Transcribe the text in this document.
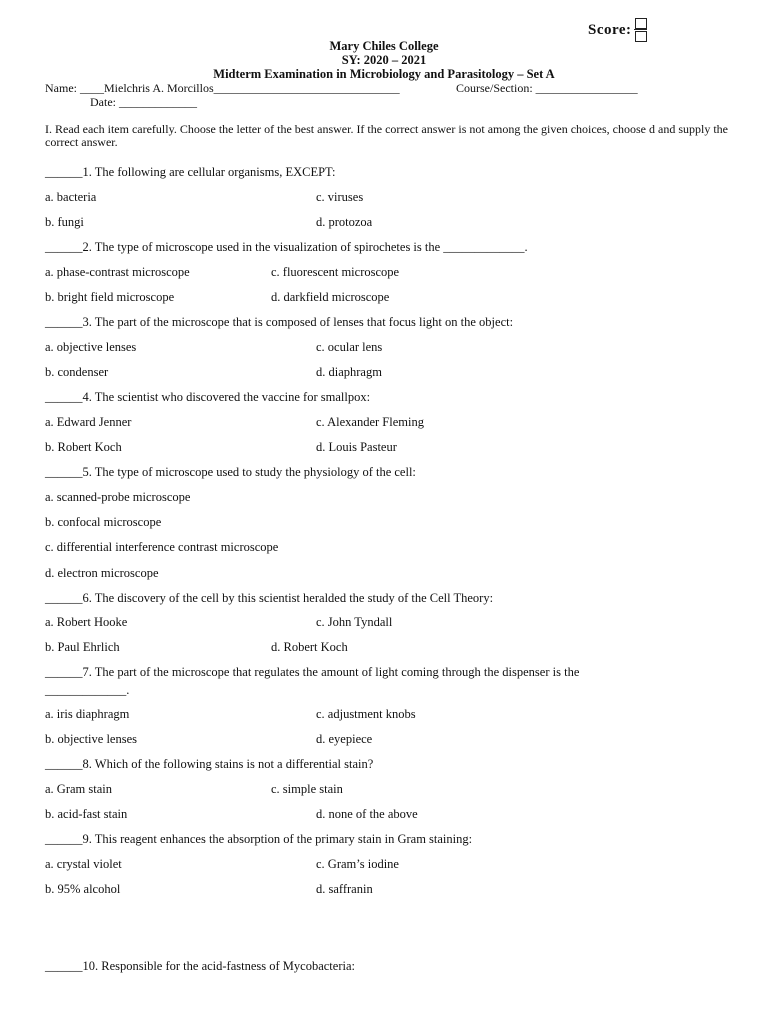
Score:
Mary Chiles College
SY: 2020 – 2021
Midterm Examination in Microbiology and Parasitology – Set A
Name: ____Mielchris A. Morcillos_______________________________	Course/Section: _________________
Date: _____________
I. Read each item carefully. Choose the letter of the best answer. If the correct answer is not among the given choices, choose d and supply the correct answer.
______1. The following are cellular organisms, EXCEPT:
a. bacteria	c. viruses
b. fungi	d. protozoa
______2. The type of microscope used in the visualization of spirochetes is the _____________.
a. phase-contrast microscope	c. fluorescent microscope
b. bright field microscope	d. darkfield microscope
______3. The part of the microscope that is composed of lenses that focus light on the object:
a. objective lenses	c. ocular lens
b. condenser	d. diaphragm
______4. The scientist who discovered the vaccine for smallpox:
a. Edward Jenner	c. Alexander Fleming
b. Robert Koch	d. Louis Pasteur
______5. The type of microscope used to study the physiology of the cell:
a. scanned-probe microscope
b. confocal microscope
c. differential interference contrast microscope
d. electron microscope
______6. The discovery of the cell by this scientist heralded the study of the Cell Theory:
a. Robert Hooke	c. John Tyndall
b. Paul Ehrlich	d. Robert Koch
______7. The part of the microscope that regulates the amount of light coming through the dispenser is the
_____________.
a. iris diaphragm	c. adjustment knobs
b. objective lenses	d. eyepiece
______8. Which of the following stains is not a differential stain?
a. Gram stain	c. simple stain
b. acid-fast stain	d. none of the above
______9. This reagent enhances the absorption of the primary stain in Gram staining:
a. crystal violet	c. Gram’s iodine
b. 95% alcohol	d. saffranin
______10. Responsible for the acid-fastness of Mycobacteria:
